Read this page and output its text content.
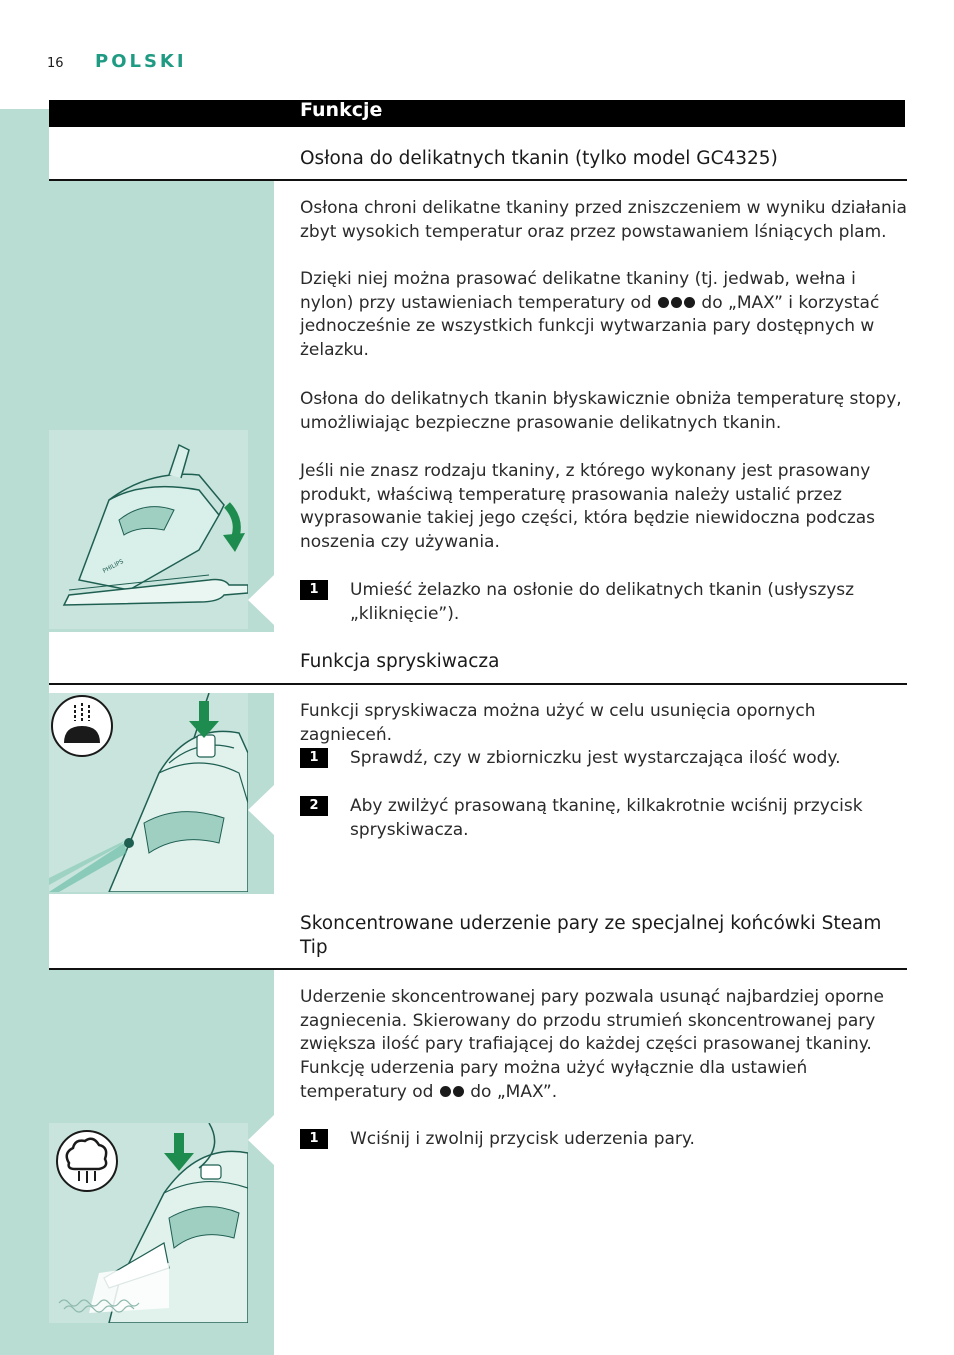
16 POLSKI
Funkcje
Osłona do delikatnych tkanin (tylko model GC4325)
Osłona chroni delikatne tkaniny przed zniszczeniem w wyniku działania zbyt wysokich temperatur oraz przez powstawaniem lśniących plam.
Dzięki niej można prasować delikatne tkaniny (tj. jedwab, wełna i nylon) przy ustawieniach temperatury od	do „MAX” i korzystać jednocześnie ze wszystkich funkcji wytwarzania pary dostępnych w żelazku.
Osłona do delikatnych tkanin błyskawicznie obniża temperaturę stopy, umożliwiając bezpieczne prasowanie delikatnych tkanin.
Jeśli nie znasz rodzaju tkaniny, z którego wykonany jest prasowany produkt, właściwą temperaturę prasowania należy ustalić przez wyprasowanie takiej jego części, która będzie niewidoczna podczas noszenia czy używania.
1	Umieść żelazko na osłonie do delikatnych tkanin (usłyszysz „kliknięcie”).
PHILIPS
Funkcja spryskiwacza
Funkcji spryskiwacza można użyć w celu usunięcia opornych zagnieceń.
1	Sprawdź, czy w zbiorniczku jest wystarczająca ilość wody.
2	Aby zwilżyć prasowaną tkaninę, kilkakrotnie wciśnij przycisk spryskiwacza.
Skoncentrowane uderzenie pary ze specjalnej końcówki Steam Tip
Uderzenie skoncentrowanej pary pozwala usunąć najbardziej oporne zagniecenia. Skierowany do przodu strumień skoncentrowanej pary zwiększa ilość pary trafiającej do każdej części prasowanej tkaniny. Funkcję uderzenia pary można użyć wyłącznie dla ustawień temperatury od do „MAX”.
1	Wciśnij i zwolnij przycisk uderzenia pary.
